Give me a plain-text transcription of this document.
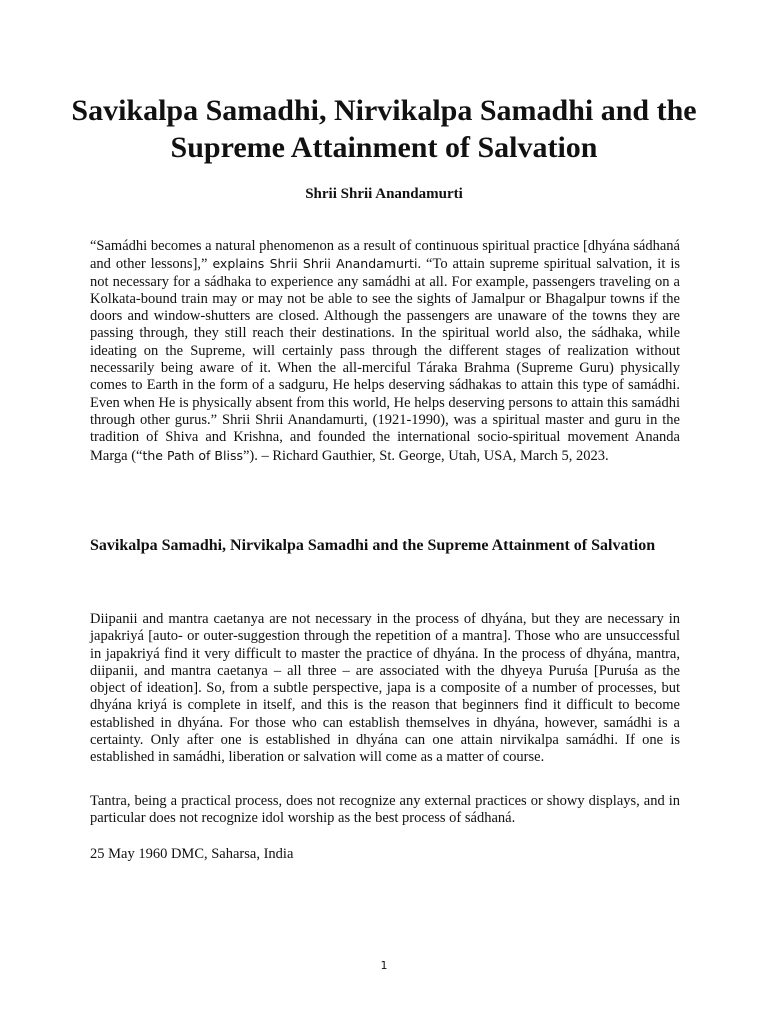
Savikalpa Samadhi, Nirvikalpa Samadhi and the Supreme Attainment of Salvation

Shrii Shrii Anandamurti

“Samádhi becomes a natural phenomenon as a result of continuous spiritual practice [dhyána sádhaná and other lessons],” explains Shrii Shrii Anandamurti. “To attain supreme spiritual salvation, it is not necessary for a sádhaka to experience any samádhi at all. For example, passengers traveling on a Kolkata-bound train may or may not be able to see the sights of Jamalpur or Bhagalpur towns if the doors and window-shutters are closed. Although the passengers are unaware of the towns they are passing through, they still reach their destinations. In the spiritual world also, the sádhaka, while ideating on the Supreme, will certainly pass through the different stages of realization without necessarily being aware of it. When the all-merciful Táraka Brahma (Supreme Guru) physically comes to Earth in the form of a sadguru, He helps deserving sádhakas to attain this type of samádhi. Even when He is physically absent from this world, He helps deserving persons to attain this samádhi through other gurus.” Shrii Shrii Anandamurti, (1921-1990), was a spiritual master and guru in the tradition of Shiva and Krishna, and founded the international socio-spiritual movement Ananda Marga (“the Path of Bliss”). – Richard Gauthier, St. George, Utah, USA, March 5, 2023.

Savikalpa Samadhi, Nirvikalpa Samadhi and the Supreme Attainment of Salvation

Diipanii and mantra caetanya are not necessary in the process of dhyána, but they are necessary in japakriyá [auto- or outer-suggestion through the repetition of a mantra]. Those who are unsuccessful in japakriyá find it very difficult to master the practice of dhyána. In the process of dhyána, mantra, diipanii, and mantra caetanya – all three – are associated with the dhyeya Puruśa [Puruśa as the object of ideation]. So, from a subtle perspective, japa is a composite of a number of processes, but dhyána kriyá is complete in itself, and this is the reason that beginners find it difficult to become established in dhyána. For those who can establish themselves in dhyána, however, samádhi is a certainty. Only after one is established in dhyána can one attain nirvikalpa samádhi. If one is established in samádhi, liberation or salvation will come as a matter of course.

Tantra, being a practical process, does not recognize any external practices or showy displays, and in particular does not recognize idol worship as the best process of sádhaná.

25 May 1960 DMC, Saharsa, India

1
